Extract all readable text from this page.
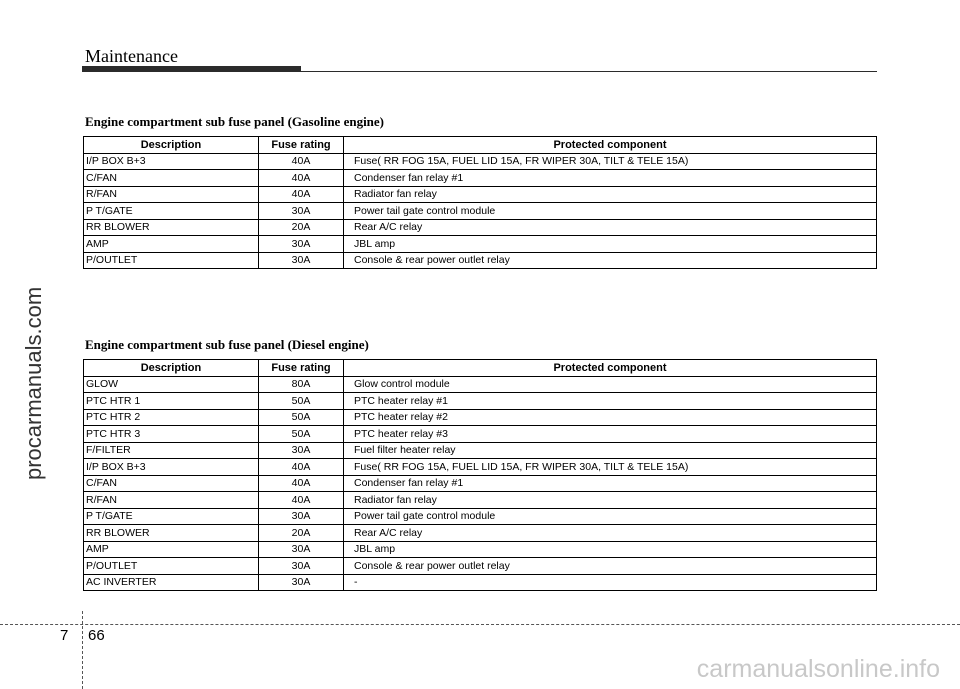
Maintenance
procarmanuals.com
Engine compartment sub fuse panel (Gasoline engine)
Description	Fuse rating	Protected component
I/P BOX B+3	40A	Fuse( RR FOG 15A, FUEL LID 15A, FR WIPER 30A, TILT & TELE 15A)
C/FAN	40A	Condenser fan relay #1
R/FAN	40A	Radiator fan relay
P T/GATE	30A	Power tail gate control module
RR BLOWER	20A	Rear A/C relay
AMP	30A	JBL amp
P/OUTLET	30A	Console & rear power outlet relay
Engine compartment sub fuse panel (Diesel engine)
Description	Fuse rating	Protected component
GLOW	80A	Glow control module
PTC HTR 1	50A	PTC heater relay #1
PTC HTR 2	50A	PTC heater relay #2
PTC HTR 3	50A	PTC heater relay #3
F/FILTER	30A	Fuel filter heater relay
I/P BOX B+3	40A	Fuse( RR FOG 15A, FUEL LID 15A, FR WIPER 30A, TILT & TELE 15A)
C/FAN	40A	Condenser fan relay #1
R/FAN	40A	Radiator fan relay
P T/GATE	30A	Power tail gate control module
RR BLOWER	20A	Rear A/C relay
AMP	30A	JBL amp
P/OUTLET	30A	Console & rear power outlet relay
AC INVERTER	30A	-
7 66
carmanualsonline.info
